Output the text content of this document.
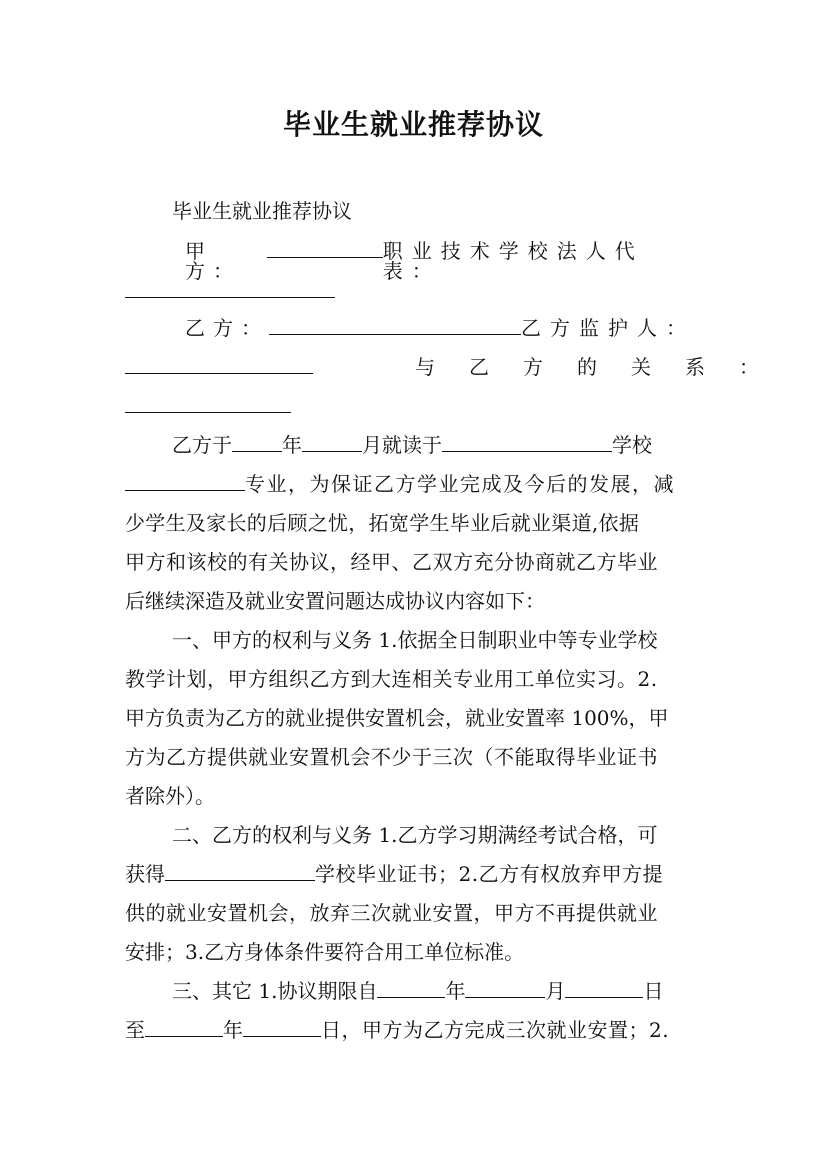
毕业生就业推荐协议
毕业生就业推荐协议
甲方：
职业技术学校法人代表：
乙方：	乙方监护人：
与乙方的关系：
乙方于	年	月就读于	学校
专业，为保证乙方学业完成及今后的发展，减
少学生及家长的后顾之忧，拓宽学生毕业后就业渠道,依据
甲方和该校的有关协议，经甲、乙双方充分协商就乙方毕业
后继续深造及就业安置问题达成协议内容如下：
一、甲方的权利与义务 1.依据全日制职业中等专业学校
教学计划，甲方组织乙方到大连相关专业用工单位实习。2.
甲方负责为乙方的就业提供安置机会，就业安置率 100%，甲
方为乙方提供就业安置机会不少于三次（不能取得毕业证书
者除外）。
二、乙方的权利与义务 1.乙方学习期满经考试合格，可
获得	学校毕业证书；2.乙方有权放弃甲方提
供的就业安置机会，放弃三次就业安置，甲方不再提供就业
安排；3.乙方身体条件要符合用工单位标准。
三、其它 1.协议期限自	年	月	日
至	年	日，甲方为乙方完成三次就业安置；2.
